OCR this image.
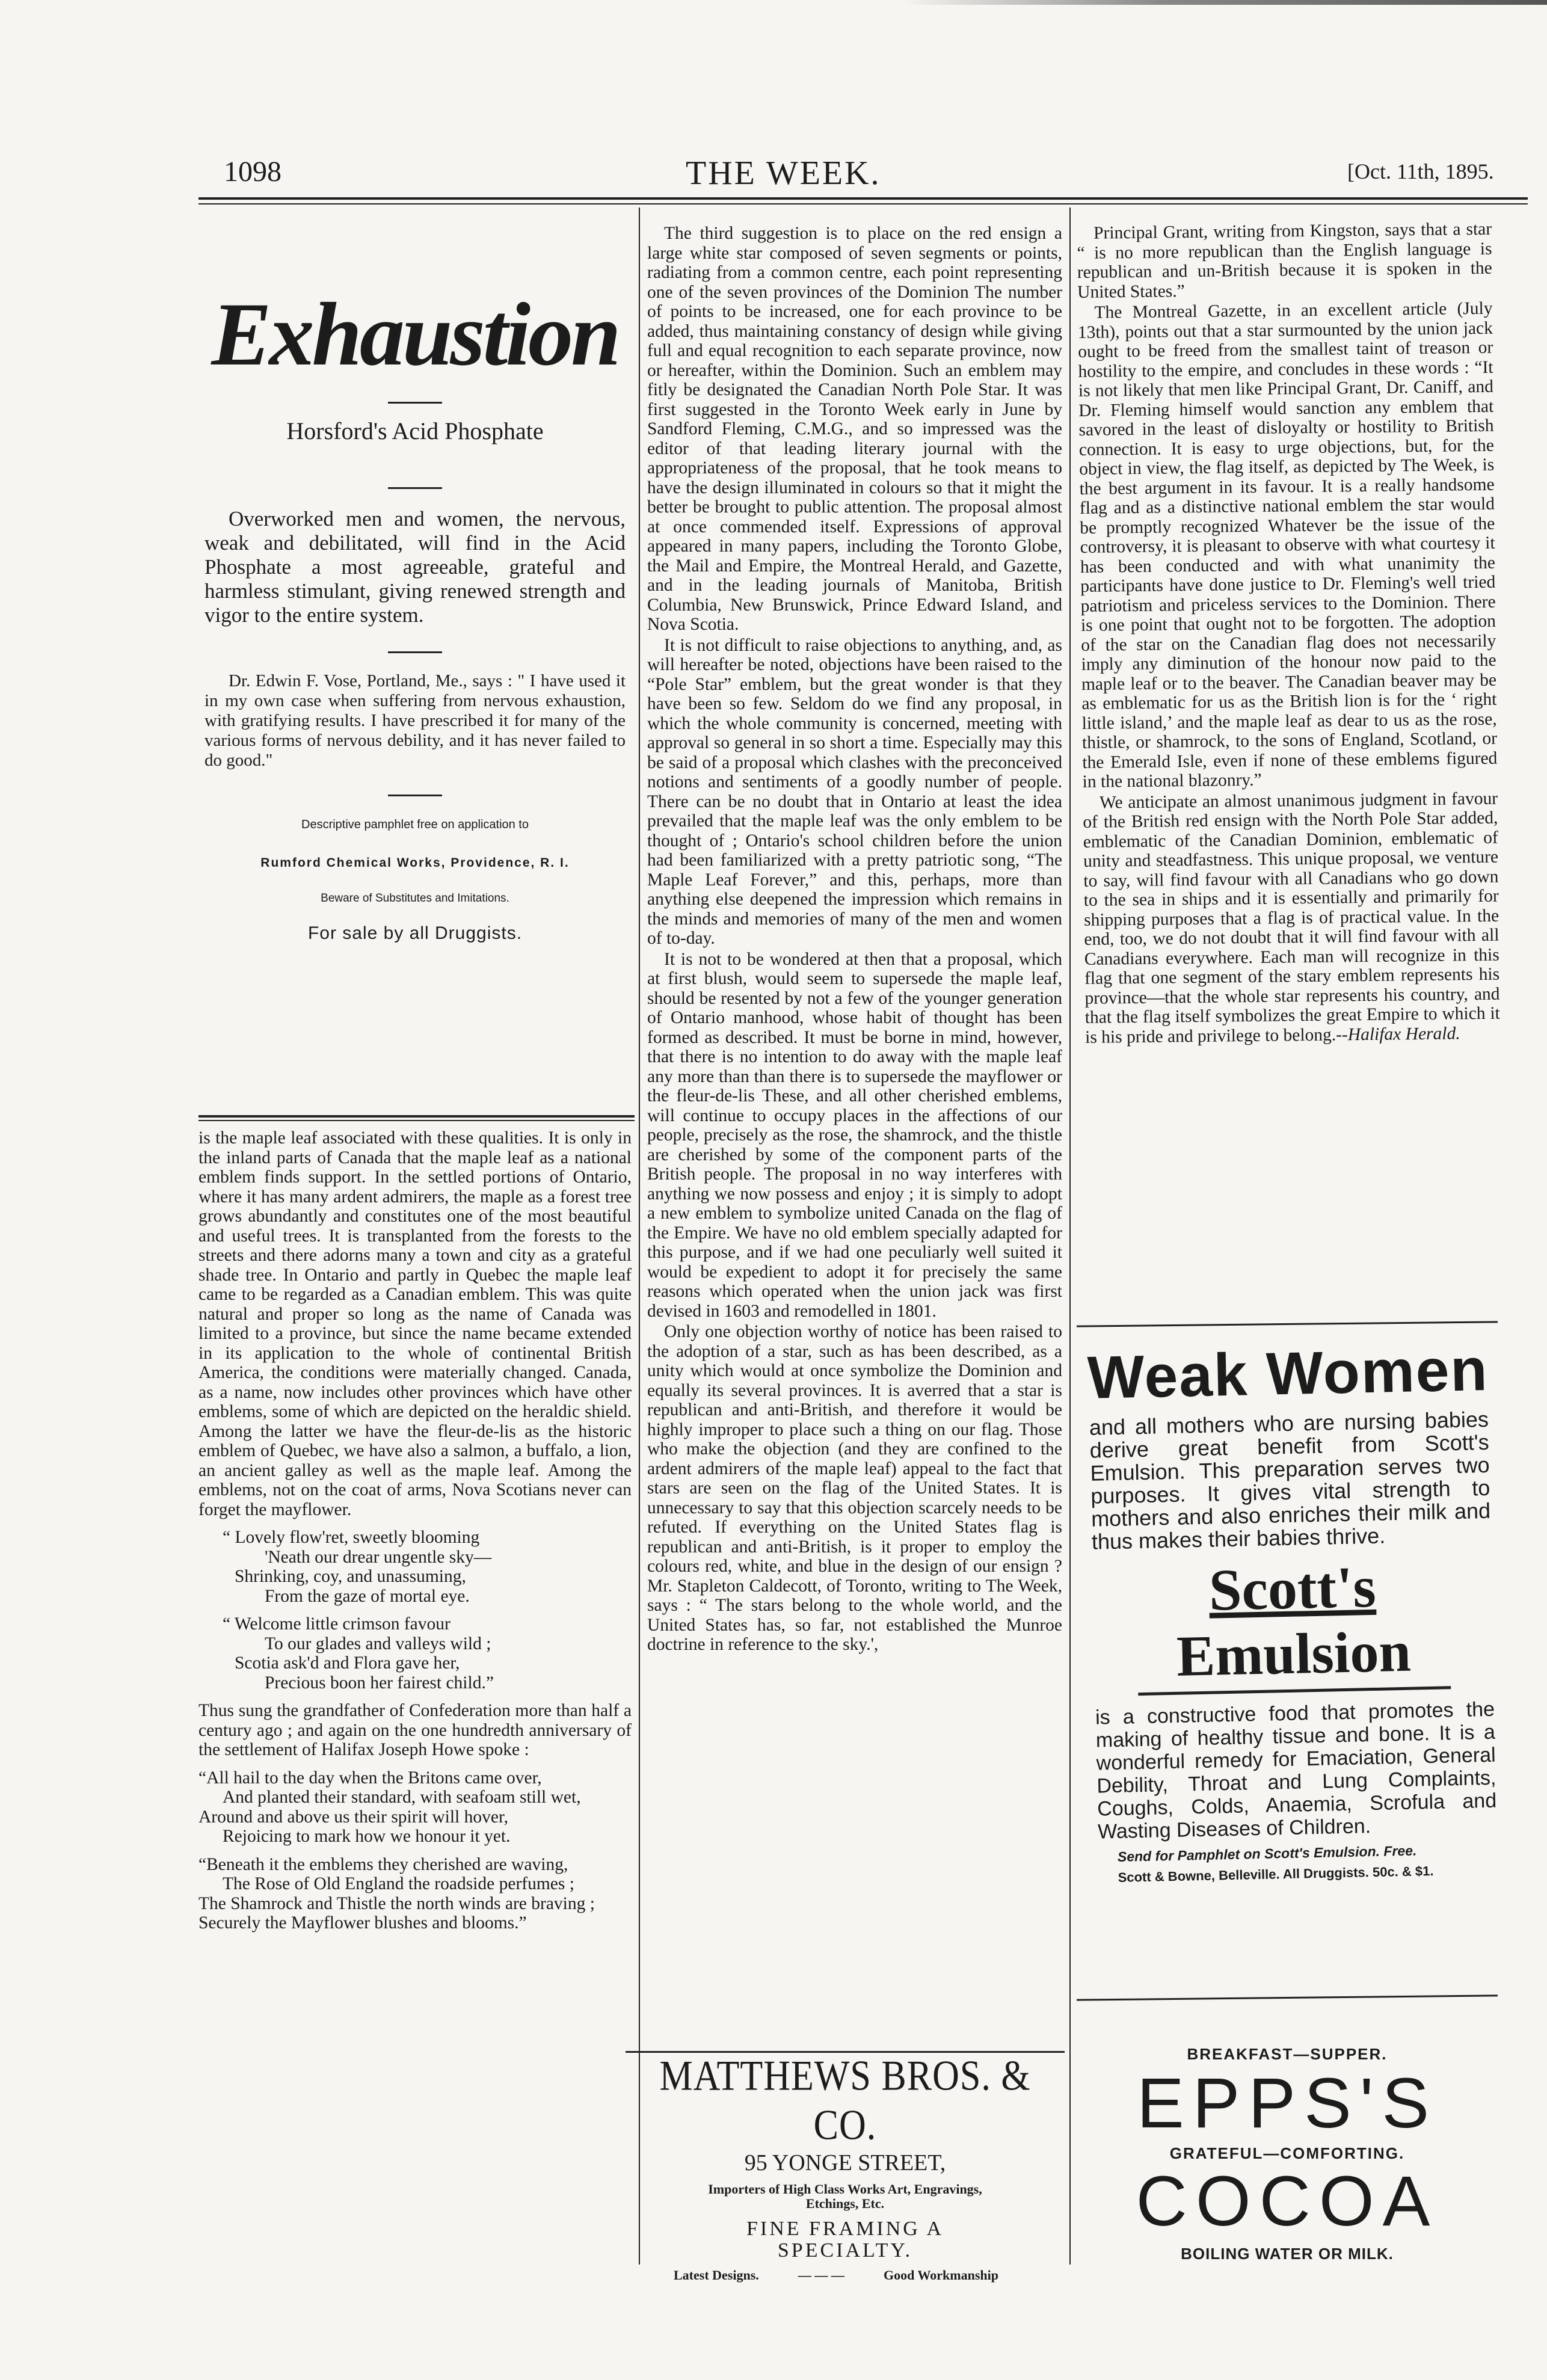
1098	THE WEEK.	[Oct. 11th, 1895.
Exhaustion
Horsford's Acid Phosphate

Overworked men and women, the nervous, weak and debilitated, will find in the Acid Phosphate a most agreeable, grateful and harmless stimulant, giving renewed strength and vigor to the entire system.

Dr. Edwin F. Vose, Portland, Me., says : " I have used it in my own case when suffering from nervous exhaustion, with gratifying results. I have prescribed it for many of the various forms of nervous debility, and it has never failed to do good."

Descriptive pamphlet free on application to
Rumford Chemical Works, Providence, R. I.
Beware of Substitutes and Imitations.
For sale by all Druggists.

is the maple leaf associated with these qualities. It is only in the inland parts of Canada that the maple leaf as a national emblem finds support. In the settled portions of Ontario, where it has many ardent admirers, the maple as a forest tree grows abundantly and constitutes one of the most beautiful and useful trees. It is transplanted from the forests to the streets and there adorns many a town and city as a grateful shade tree. In Ontario and partly in Quebec the maple leaf came to be regarded as a Canadian emblem. This was quite natural and proper so long as the name of Canada was limited to a province, but since the name became extended in its application to the whole of continental British America, the conditions were materially changed. Canada, as a name, now includes other provinces which have other emblems, some of which are depicted on the heraldic shield. Among the latter we have the fleur-de-lis as the historic emblem of Quebec, we have also a salmon, a buffalo, a lion, an ancient galley as well as the maple leaf. Among the emblems, not on the coat of arms, Nova Scotians never can forget the mayflower.

“ Lovely flow'ret, sweetly blooming
'Neath our drear ungentle sky—
Shrinking, coy, and unassuming,
From the gaze of mortal eye.
“ Welcome little crimson favour
To our glades and valleys wild ;
Scotia ask'd and Flora gave her,
Precious boon her fairest child.”

Thus sung the grandfather of Confederation more than half a century ago ; and again on the one hundredth anniversary of the settlement of Halifax Joseph Howe spoke :

“All hail to the day when the Britons came over,
And planted their standard, with seafoam still wet,
Around and above us their spirit will hover,
Rejoicing to mark how we honour it yet.
“Beneath it the emblems they cherished are waving,
The Rose of Old England the roadside perfumes ;
The Shamrock and Thistle the north winds are braving ;
Securely the Mayflower blushes and blooms.”

The third suggestion is to place on the red ensign a large white star composed of seven segments or points, radiating from a common centre, each point representing one of the seven provinces of the Dominion The number of points to be increased, one for each province to be added, thus maintaining constancy of design while giving full and equal recognition to each separate province, now or hereafter, within the Dominion. Such an emblem may fitly be designated the Canadian North Pole Star. It was first suggested in the Toronto Week early in June by Sandford Fleming, C.M.G., and so impressed was the editor of that leading literary journal with the appropriateness of the proposal, that he took means to have the design illuminated in colours so that it might the better be brought to public attention. The proposal almost at once commended itself. Expressions of approval appeared in many papers, including the Toronto Globe, the Mail and Empire, the Montreal Herald, and Gazette, and in the leading journals of Manitoba, British Columbia, New Brunswick, Prince Edward Island, and Nova Scotia.

It is not difficult to raise objections to anything, and, as will hereafter be noted, objections have been raised to the “Pole Star” emblem, but the great wonder is that they have been so few. Seldom do we find any proposal, in which the whole community is concerned, meeting with approval so general in so short a time. Especially may this be said of a proposal which clashes with the preconceived notions and sentiments of a goodly number of people. There can be no doubt that in Ontario at least the idea prevailed that the maple leaf was the only emblem to be thought of ; Ontario's school children before the union had been familiarized with a pretty patriotic song, “The Maple Leaf Forever,” and this, perhaps, more than anything else deepened the impression which remains in the minds and memories of many of the men and women of to-day.

It is not to be wondered at then that a proposal, which at first blush, would seem to supersede the maple leaf, should be resented by not a few of the younger generation of Ontario manhood, whose habit of thought has been formed as described. It must be borne in mind, however, that there is no intention to do away with the maple leaf any more than than there is to supersede the mayflower or the fleur-de-lis These, and all other cherished emblems, will continue to occupy places in the affections of our people, precisely as the rose, the shamrock, and the thistle are cherished by some of the component parts of the British people. The proposal in no way interferes with anything we now possess and enjoy ; it is simply to adopt a new emblem to symbolize united Canada on the flag of the Empire. We have no old emblem specially adapted for this purpose, and if we had one peculiarly well suited it would be expedient to adopt it for precisely the same reasons which operated when the union jack was first devised in 1603 and remodelled in 1801.

Only one objection worthy of notice has been raised to the adoption of a star, such as has been described, as a unity which would at once symbolize the Dominion and equally its several provinces. It is averred that a star is republican and anti-British, and therefore it would be highly improper to place such a thing on our flag. Those who make the objection (and they are confined to the ardent admirers of the maple leaf) appeal to the fact that stars are seen on the flag of the United States. It is unnecessary to say that this objection scarcely needs to be refuted. If everything on the United States flag is republican and anti-British, is it proper to employ the colours red, white, and blue in the design of our ensign ? Mr. Stapleton Caldecott, of Toronto, writing to The Week, says : “ The stars belong to the whole world, and the United States has, so far, not established the Munroe doctrine in reference to the sky.',

MATTHEWS BROS. & CO.
95 YONGE STREET,
Importers of High Class Works Art, Engravings, Etchings, Etc.
FINE FRAMING A SPECIALTY.
Latest Designs.	— — —	Good Workmanship

Principal Grant, writing from Kingston, says that a star “ is no more republican than the English language is republican and un-British because it is spoken in the United States.”

The Montreal Gazette, in an excellent article (July 13th), points out that a star surmounted by the union jack ought to be freed from the smallest taint of treason or hostility to the empire, and concludes in these words : “It is not likely that men like Principal Grant, Dr. Caniff, and Dr. Fleming himself would sanction any emblem that savored in the least of disloyalty or hostility to British connection. It is easy to urge objections, but, for the object in view, the flag itself, as depicted by The Week, is the best argument in its favour. It is a really handsome flag and as a distinctive national emblem the star would be promptly recognized Whatever be the issue of the controversy, it is pleasant to observe with what courtesy it has been conducted and with what unanimity the participants have done justice to Dr. Fleming's well tried patriotism and priceless services to the Dominion. There is one point that ought not to be forgotten. The adoption of the star on the Canadian flag does not necessarily imply any diminution of the honour now paid to the maple leaf or to the beaver. The Canadian beaver may be as emblematic for us as the British lion is for the ‘ right little island,’ and the maple leaf as dear to us as the rose, thistle, or shamrock, to the sons of England, Scotland, or the Emerald Isle, even if none of these emblems figured in the national blazonry.”

We anticipate an almost unanimous judgment in favour of the British red ensign with the North Pole Star added, emblematic of the Canadian Dominion, emblematic of unity and steadfastness. This unique proposal, we venture to say, will find favour with all Canadians who go down to the sea in ships and it is essentially and primarily for shipping purposes that a flag is of practical value. In the end, too, we do not doubt that it will find favour with all Canadians everywhere. Each man will recognize in this flag that one segment of the stary emblem represents his province—that the whole star represents his country, and that the flag itself symbolizes the great Empire to which it is his pride and privilege to belong.--Halifax Herald.

Weak Women

and all mothers who are nursing babies derive great benefit from Scott's Emulsion. This preparation serves two purposes. It gives vital strength to mothers and also enriches their milk and thus makes their babies thrive.

Scott's
Emulsion

is a constructive food that promotes the making of healthy tissue and bone. It is a wonderful remedy for Emaciation, General Debility, Throat and Lung Complaints, Coughs, Colds, Anaemia, Scrofula and Wasting Diseases of Children.

Send for Pamphlet on Scott's Emulsion. Free.

Scott & Bowne, Belleville. All Druggists. 50c. & $1.

BREAKFAST—SUPPER.
EPPS'S
GRATEFUL—COMFORTING.
COCOA
BOILING WATER OR MILK.
